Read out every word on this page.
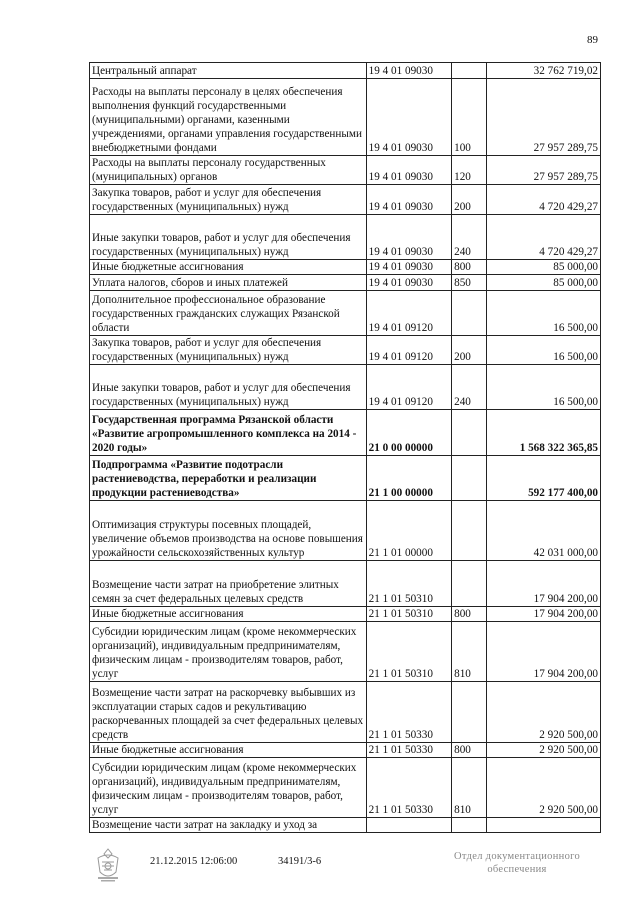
89
Центральный аппарат	19 4 01 09030		32 762 719,02
Расходы на выплаты персоналу в целях обеспечения выполнения функций государственными (муниципальными) органами, казенными учреждениями, органами управления государственными внебюджетными фондами	19 4 01 09030	100	27 957 289,75
Расходы на выплаты персоналу государственных (муниципальных) органов	19 4 01 09030	120	27 957 289,75
Закупка товаров, работ и услуг для обеспечения государственных (муниципальных) нужд	19 4 01 09030	200	4 720 429,27
Иные закупки товаров, работ и услуг для обеспечения государственных (муниципальных) нужд	19 4 01 09030	240	4 720 429,27
Иные бюджетные ассигнования	19 4 01 09030	800	85 000,00
Уплата налогов, сборов и иных платежей	19 4 01 09030	850	85 000,00
Дополнительное профессиональное образование государственных гражданских служащих Рязанской области	19 4 01 09120		16 500,00
Закупка товаров, работ и услуг для обеспечения государственных (муниципальных) нужд	19 4 01 09120	200	16 500,00
Иные закупки товаров, работ и услуг для обеспечения государственных (муниципальных) нужд	19 4 01 09120	240	16 500,00
Государственная программа Рязанской области «Развитие агропромышленного комплекса на 2014 - 2020 годы»	21 0 00 00000		1 568 322 365,85
Подпрограмма «Развитие подотрасли растениеводства, переработки и реализации продукции растениеводства»	21 1 00 00000		592 177 400,00
Оптимизация структуры посевных площадей, увеличение объемов производства на основе повышения урожайности сельскохозяйственных культур	21 1 01 00000		42 031 000,00
Возмещение части затрат на приобретение элитных семян за счет федеральных целевых средств	21 1 01 50310		17 904 200,00
Иные бюджетные ассигнования	21 1 01 50310	800	17 904 200,00
Субсидии юридическим лицам (кроме некоммерческих организаций), индивидуальным предпринимателям, физическим лицам - производителям товаров, работ, услуг	21 1 01 50310	810	17 904 200,00
Возмещение части затрат на раскорчевку выбывших из эксплуатации старых садов и рекультивацию раскорчеванных площадей за счет федеральных целевых средств	21 1 01 50330		2 920 500,00
Иные бюджетные ассигнования	21 1 01 50330	800	2 920 500,00
Субсидии юридическим лицам (кроме некоммерческих организаций), индивидуальным предпринимателям, физическим лицам - производителям товаров, работ, услуг	21 1 01 50330	810	2 920 500,00
Возмещение части затрат на закладку и уход за			
21.12.2015 12:06:00	34191/3-6	Отдел документационного
обеспечения
